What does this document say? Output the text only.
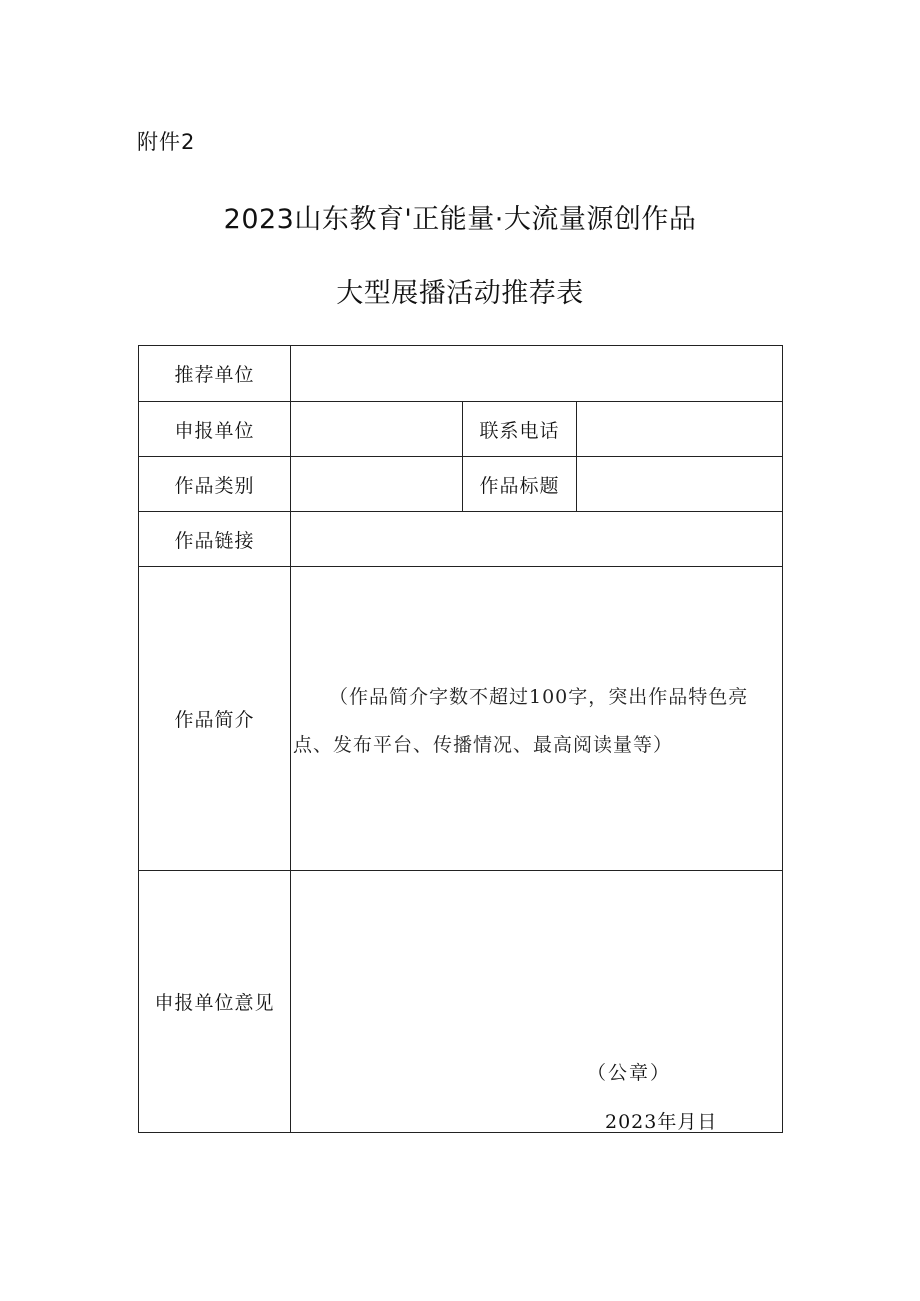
附件2
2023山东教育'正能量·大流量源创作品
大型展播活动推荐表
推荐单位			
申报单位		联系电话	
作品类别		作品标题	
作品链接			
作品简介	（作品简介字数不超过100字，突出作品特色亮点、发布平台、传播情况、最高阅读量等）		

申报单位意见	（公章）
2023年月日		
